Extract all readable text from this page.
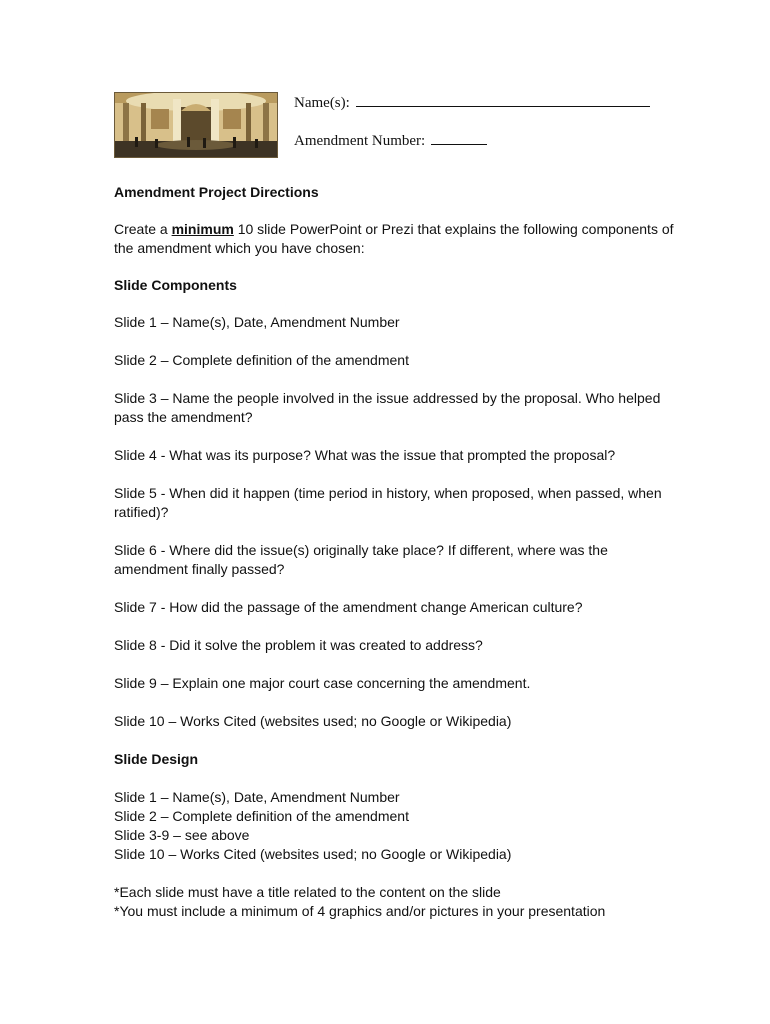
Name(s):
Amendment Number:

Amendment Project Directions

Create a minimum 10 slide PowerPoint or Prezi that explains the following components of the amendment which you have chosen:

Slide Components

Slide 1 – Name(s), Date, Amendment Number

Slide 2 – Complete definition of the amendment

Slide 3 – Name the people involved in the issue addressed by the proposal. Who helped pass the amendment?

Slide 4 - What was its purpose? What was the issue that prompted the proposal?

Slide 5 - When did it happen (time period in history, when proposed, when passed, when ratified)?

Slide 6 - Where did the issue(s) originally take place? If different, where was the amendment finally passed?

Slide 7 - How did the passage of the amendment change American culture?

Slide 8 - Did it solve the problem it was created to address?

Slide 9 – Explain one major court case concerning the amendment.

Slide 10 – Works Cited (websites used; no Google or Wikipedia)

Slide Design

Slide 1 – Name(s), Date, Amendment Number

Slide 2 – Complete definition of the amendment

Slide 3-9 – see above

Slide 10 – Works Cited (websites used; no Google or Wikipedia)

*Each slide must have a title related to the content on the slide

*You must include a minimum of 4 graphics and/or pictures in your presentation
